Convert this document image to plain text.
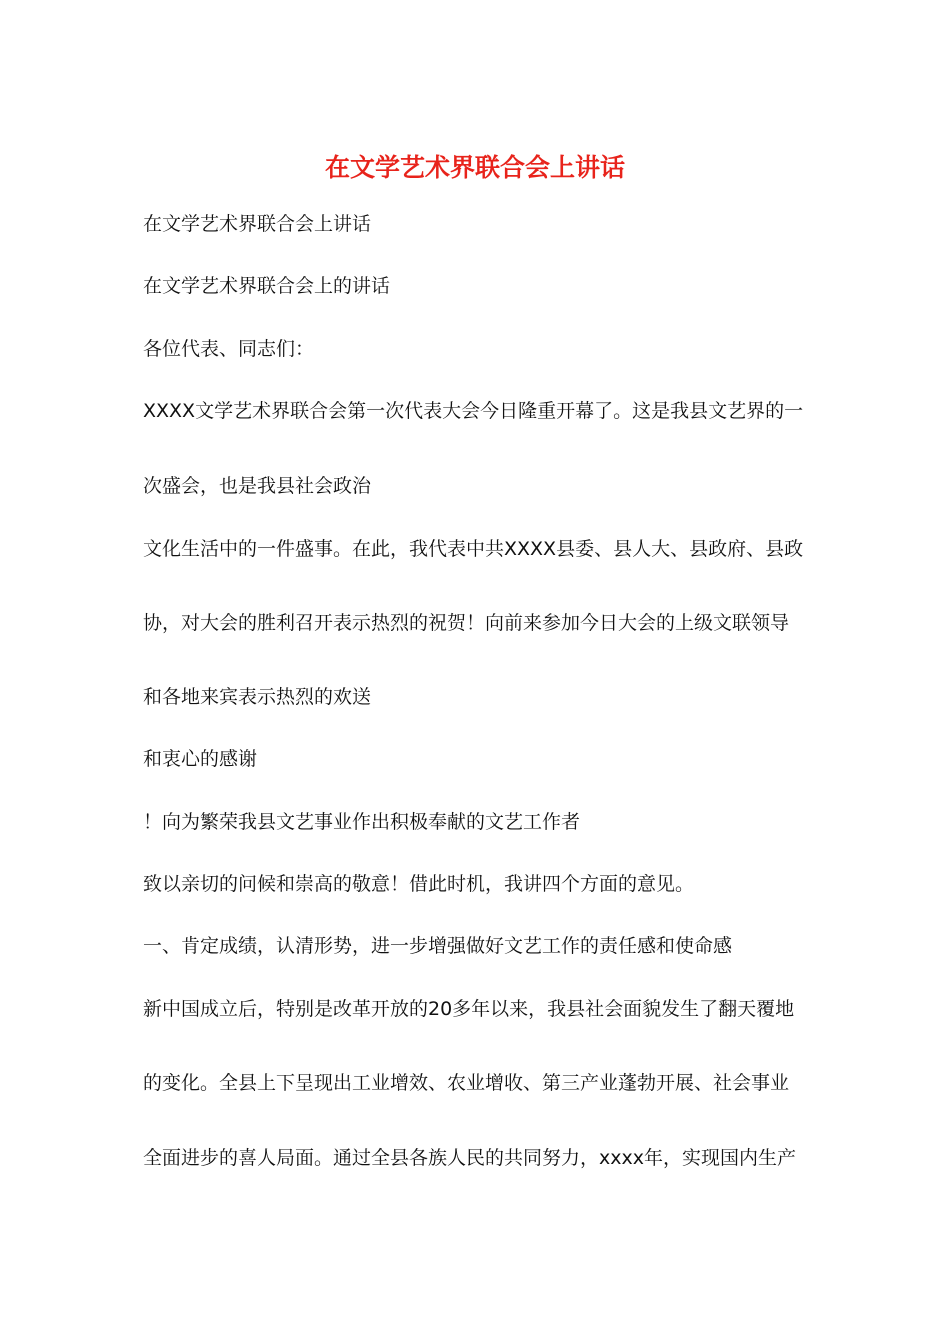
在文学艺术界联合会上讲话
在文学艺术界联合会上讲话
在文学艺术界联合会上的讲话
各位代表、同志们：
XXXX文学艺术界联合会第一次代表大会今日隆重开幕了。这是我县文艺界的一
次盛会，也是我县社会政治
文化生活中的一件盛事。在此，我代表中共XXXX县委、县人大、县政府、县政
协，对大会的胜利召开表示热烈的祝贺！向前来参加今日大会的上级文联领导
和各地来宾表示热烈的欢送
和衷心的感谢
！向为繁荣我县文艺事业作出积极奉献的文艺工作者
致以亲切的问候和崇高的敬意！借此时机，我讲四个方面的意见。
一、肯定成绩，认清形势，进一步增强做好文艺工作的责任感和使命感
新中国成立后，特别是改革开放的20多年以来，我县社会面貌发生了翻天覆地
的变化。全县上下呈现出工业增效、农业增收、第三产业蓬勃开展、社会事业
全面进步的喜人局面。通过全县各族人民的共同努力，xxxx年，实现国内生产
